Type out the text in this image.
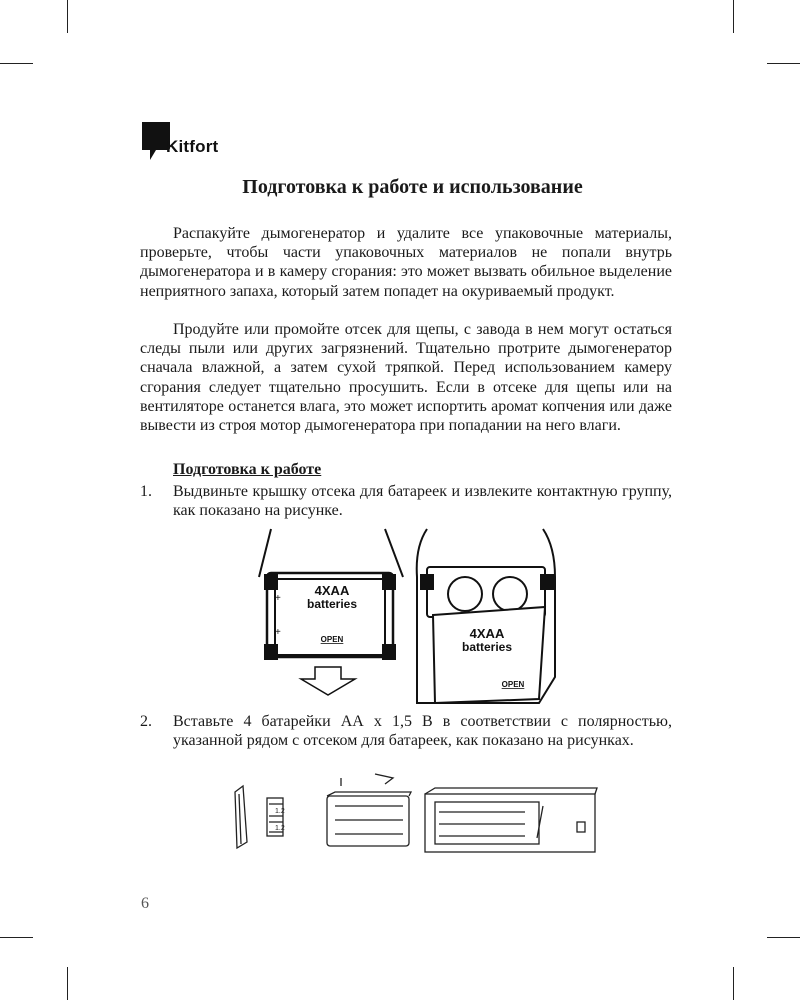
Kitfort
Подготовка к работе и использование

Распакуйте дымогенератор и удалите все упаковочные материалы, проверьте, чтобы части упаковочных материалов не попали внутрь дымогенератора и в камеру сгорания: это может вызвать обильное выделение неприятного запаха, который затем попадет на окуриваемый продукт.

Продуйте или промойте отсек для щепы, с завода в нем могут остаться следы пыли или других загрязнений. Тщательно протрите дымогенератор сначала влажной, а затем сухой тряпкой. Перед использованием камеру сгорания следует тщательно просушить. Если в отсеке для щепы или на вентиляторе останется влага, это может испортить аромат копчения или даже вывести из строя мотор дымогенератора при попадании на него влаги.

Подготовка к работе
1. Выдвиньте крышку отсека для батареек и извлеките контактную группу, как показано на рисунке.
+
+
4XAA
batteries
OPEN	4XAA
batteries
OPEN
2. Вставьте 4 батарейки АА х 1,5 В в соответствии с полярностью, указанной рядом с отсеком для батареек, как показано на рисунках.
1.2
1.2
6
